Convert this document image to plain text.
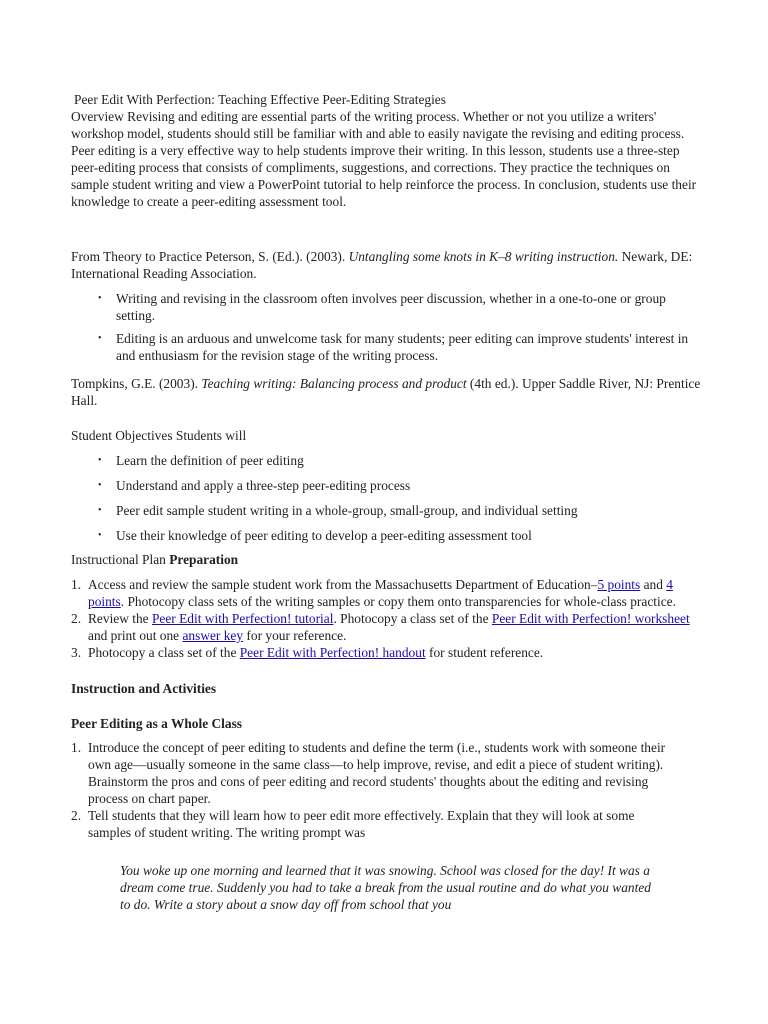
Peer Edit With Perfection: Teaching Effective Peer-Editing Strategies

Overview Revising and editing are essential parts of the writing process. Whether or not you utilize a writers' workshop model, students should still be familiar with and able to easily navigate the revising and editing process. Peer editing is a very effective way to help students improve their writing. In this lesson, students use a three-step peer-editing process that consists of compliments, suggestions, and corrections. They practice the techniques on sample student writing and view a PowerPoint tutorial to help reinforce the process. In conclusion, students use their knowledge to create a peer-editing assessment tool.

From Theory to Practice Peterson, S. (Ed.). (2003). Untangling some knots in K–8 writing instruction. Newark, DE: International Reading Association.

• Writing and revising in the classroom often involves peer discussion, whether in a one-to-one or group setting.
• Editing is an arduous and unwelcome task for many students; peer editing can improve students' interest in and enthusiasm for the revision stage of the writing process.

Tompkins, G.E. (2003). Teaching writing: Balancing process and product (4th ed.). Upper Saddle River, NJ: Prentice Hall.

Student Objectives Students will

• Learn the definition of peer editing
• Understand and apply a three-step peer-editing process
• Peer edit sample student writing in a whole-group, small-group, and individual setting
• Use their knowledge of peer editing to develop a peer-editing assessment tool

Instructional Plan Preparation

1. Access and review the sample student work from the Massachusetts Department of Education–5 points and 4 points. Photocopy class sets of the writing samples or copy them onto transparencies for whole-class practice.
2. Review the Peer Edit with Perfection! tutorial. Photocopy a class set of the Peer Edit with Perfection! worksheet and print out one answer key for your reference.
3. Photocopy a class set of the Peer Edit with Perfection! handout for student reference.

Instruction and Activities

Peer Editing as a Whole Class

1. Introduce the concept of peer editing to students and define the term (i.e., students work with someone their own age—usually someone in the same class—to help improve, revise, and edit a piece of student writing). Brainstorm the pros and cons of peer editing and record students' thoughts about the editing and revising process on chart paper.
2. Tell students that they will learn how to peer edit more effectively. Explain that they will look at some samples of student writing. The writing prompt was

You woke up one morning and learned that it was snowing. School was closed for the day! It was a dream come true. Suddenly you had to take a break from the usual routine and do what you wanted to do. Write a story about a snow day off from school that you
